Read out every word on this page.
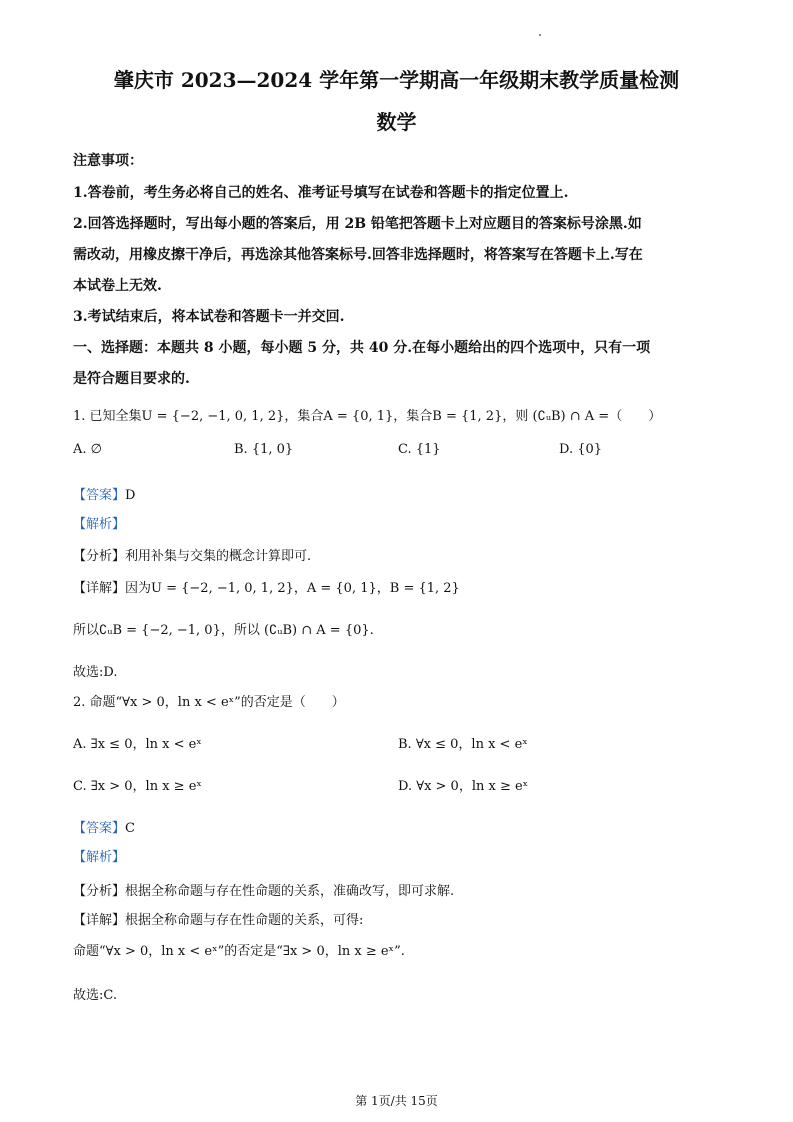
肇庆市 2023—2024 学年第一学期高一年级期末教学质量检测
数学
注意事项：
1.答卷前，考生务必将自己的姓名、准考证号填写在试卷和答题卡的指定位置上.
2.回答选择题时，写出每小题的答案后，用 2B 铅笔把答题卡上对应题目的答案标号涂黑.如
需改动，用橡皮擦干净后，再选涂其他答案标号.回答非选择题时，将答案写在答题卡上.写在
本试卷上无效.
3.考试结束后，将本试卷和答题卡一并交回.
一、选择题：本题共 8 小题，每小题 5 分，共 40 分.在每小题给出的四个选项中，只有一项
是符合题目要求的.
1. 已知全集U = {−2, −1, 0, 1, 2}，集合A = {0, 1}，集合B = {1, 2}，则 (∁ᵤB) ∩ A =（　　）
A. ∅	B. {1, 0}	C. {1}	D. {0}
【答案】D
【解析】
【分析】利用补集与交集的概念计算即可.
【详解】因为U = {−2, −1, 0, 1, 2}，A = {0, 1}，B = {1, 2}
所以∁ᵤB = {−2, −1, 0}，所以 (∁ᵤB) ∩ A = {0}.
故选:D.
2. 命题“∀x > 0，ln x < eˣ”的否定是（　　）
A. ∃x ≤ 0，ln x < eˣ	B. ∀x ≤ 0，ln x < eˣ
C. ∃x > 0，ln x ≥ eˣ	D. ∀x > 0，ln x ≥ eˣ
【答案】C
【解析】
【分析】根据全称命题与存在性命题的关系，准确改写，即可求解.
【详解】根据全称命题与存在性命题的关系，可得:
命题“∀x > 0，ln x < eˣ”的否定是“∃x > 0，ln x ≥ eˣ”.
故选:C.
第 1页/共 15页
